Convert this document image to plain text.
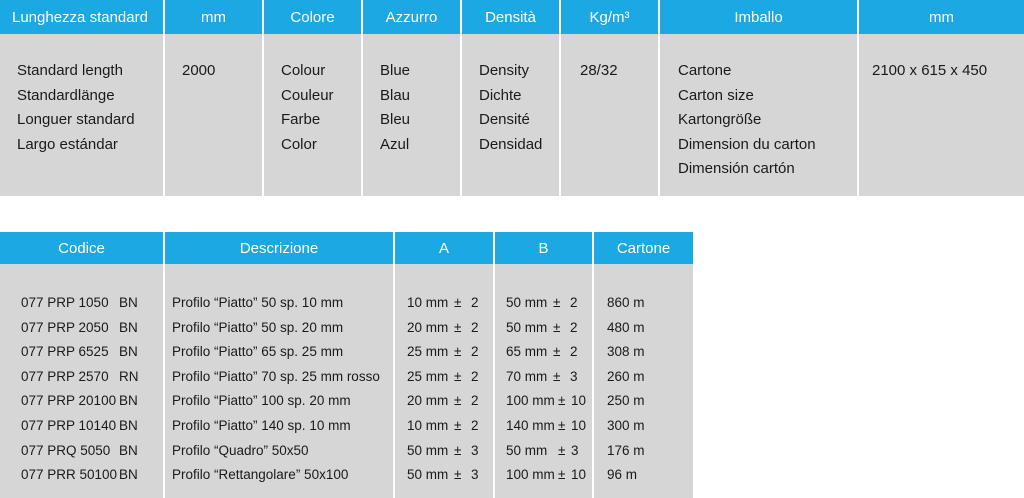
Lunghezza standard
Standard length
Standardlänge
Longuer standard
Largo estándar
mm
2000
Colore
Colour
Couleur
Farbe
Color
Azzurro
Blue
Blau
Bleu
Azul
Densità
Density
Dichte
Densité
Densidad
Kg/m³
28/32
Imballo
Cartone
Carton size
Kartongröße
Dimension du carton
Dimensión cartón
mm
2100 x 615 x 450
Codice
077 PRP 1050 BN
077 PRP 2050 BN
077 PRP 6525 BN
077 PRP 2570 RN
077 PRP 20100 BN
077 PRP 10140 BN
077 PRQ 5050 BN
077 PRR 50100 BN
Descrizione
Profilo “Piatto” 50 sp. 10 mm
Profilo “Piatto” 50 sp. 20 mm
Profilo “Piatto” 65 sp. 25 mm
Profilo “Piatto” 70 sp. 25 mm rosso
Profilo “Piatto” 100 sp. 20 mm
Profilo “Piatto” 140 sp. 10 mm
Profilo “Quadro” 50x50
Profilo “Rettangolare” 50x100
A
10 mm ± 2
20 mm ± 2
25 mm ± 2
25 mm ± 2
20 mm ± 2
10 mm ± 2
50 mm ± 3
50 mm ± 3
B
50 mm ± 2
50 mm ± 2
65 mm ± 2
70 mm ± 3
100 mm ± 10
140 mm ± 10
50 mm ± 3
100 mm ± 10
Cartone
860 m
480 m
308 m
260 m
250 m
300 m
176 m
96 m
